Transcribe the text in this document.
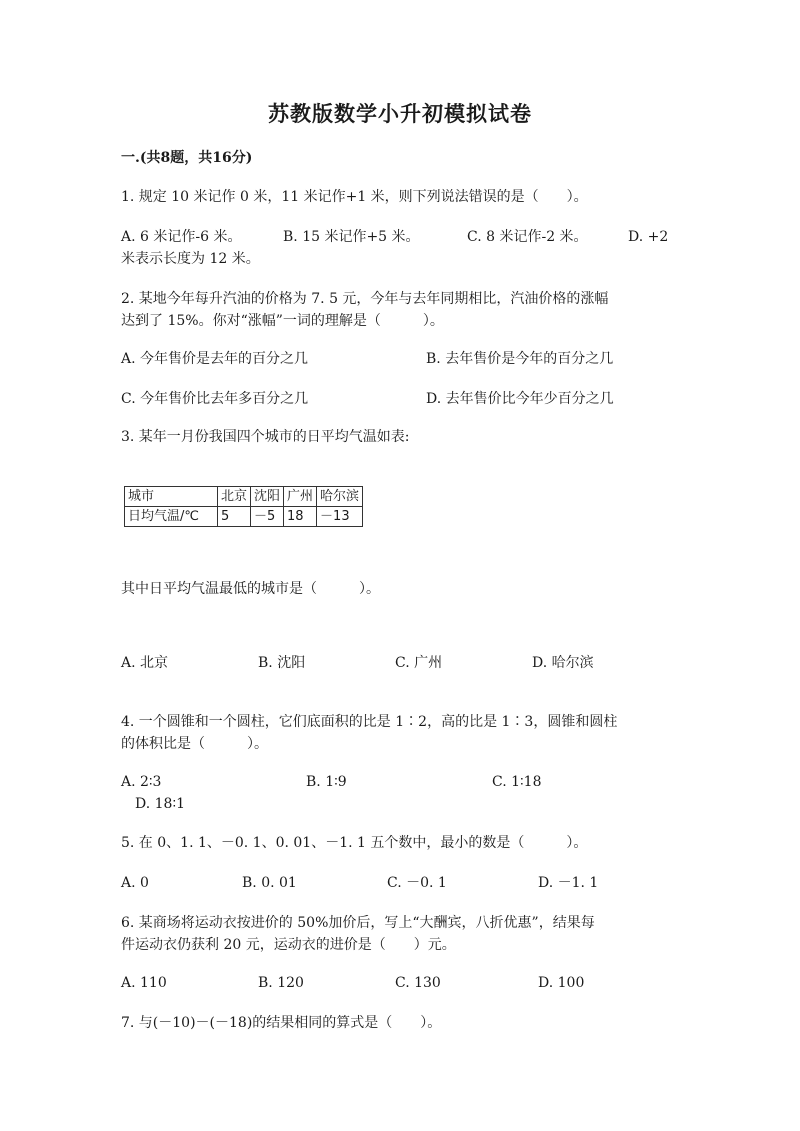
苏教版数学小升初模拟试卷
一.(共8题，共16分)
1. 规定 10 米记作 0 米，11 米记作+1 米，则下列说法错误的是（　　）。
A. 6 米记作-6 米。	B. 15 米记作+5 米。	C. 8 米记作-2 米。	D. +2
米表示长度为 12 米。
2. 某地今年每升汽油的价格为 7. 5 元，今年与去年同期相比，汽油价格的涨幅
达到了 15%。你对“涨幅”一词的理解是（　　　）。
A. 今年售价是去年的百分之几	B. 去年售价是今年的百分之几
C. 今年售价比去年多百分之几	D. 去年售价比今年少百分之几
3. 某年一月份我国四个城市的日平均气温如表:
城市	北京	沈阳	广州	哈尔滨
日均气温/℃	5	－5	18	－13
其中日平均气温最低的城市是（　　　）。
A. 北京	B. 沈阳	C. 广州	D. 哈尔滨
4. 一个圆锥和一个圆柱，它们底面积的比是 1∶2，高的比是 1∶3，圆锥和圆柱
的体积比是（　　　）。
A. 2∶3	B. 1∶9	C. 1∶18
D. 18∶1
5. 在 0、1. 1、－0. 1、0. 01、－1. 1 五个数中，最小的数是（　　　）。
A. 0	B. 0. 01	C. －0. 1	D. －1. 1
6. 某商场将运动衣按进价的 50%加价后，写上“大酬宾，八折优惠”，结果每
件运动衣仍获利 20 元，运动衣的进价是（　　）元。
A. 110	B. 120	C. 130	D. 100
7. 与(－10)－(－18)的结果相同的算式是（　　）。
